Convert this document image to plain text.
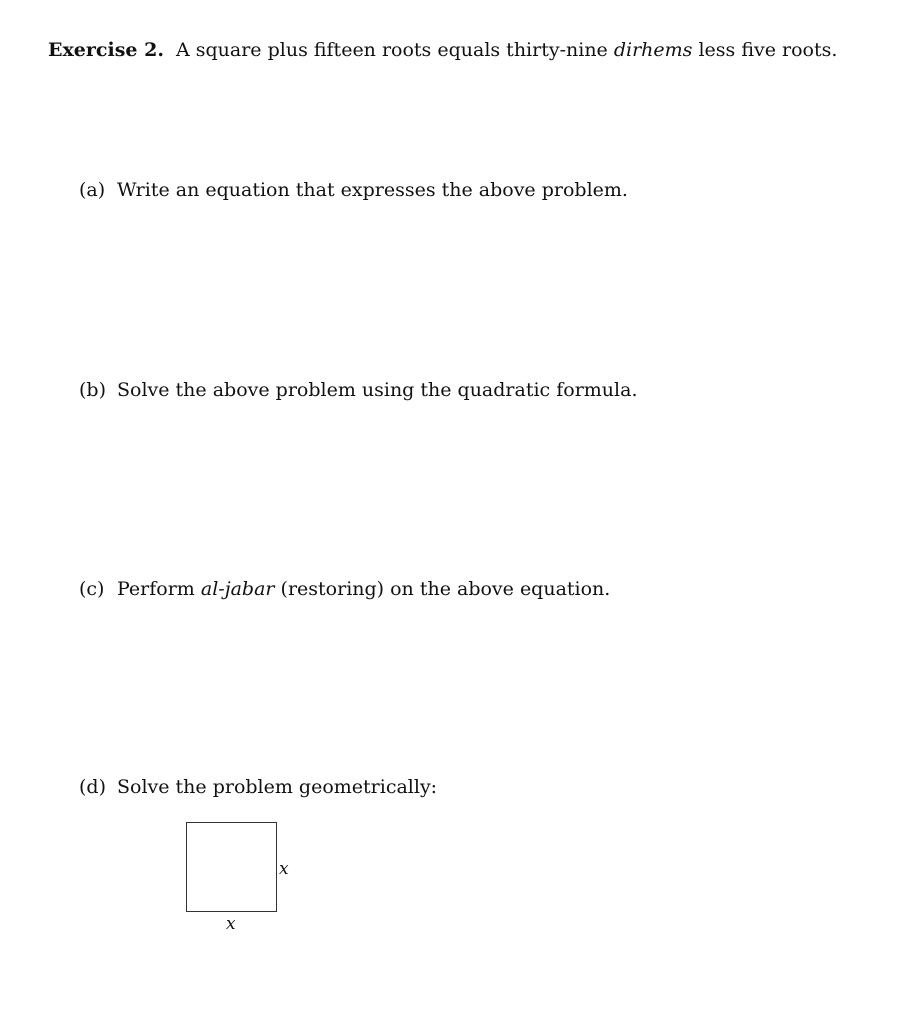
Exercise 2. A square plus fifteen roots equals thirty-nine dirhems less five roots.
(a) Write an equation that expresses the above problem.
(b) Solve the above problem using the quadratic formula.
(c) Perform al-jabar (restoring) on the above equation.
(d) Solve the problem geometrically:
x
x
